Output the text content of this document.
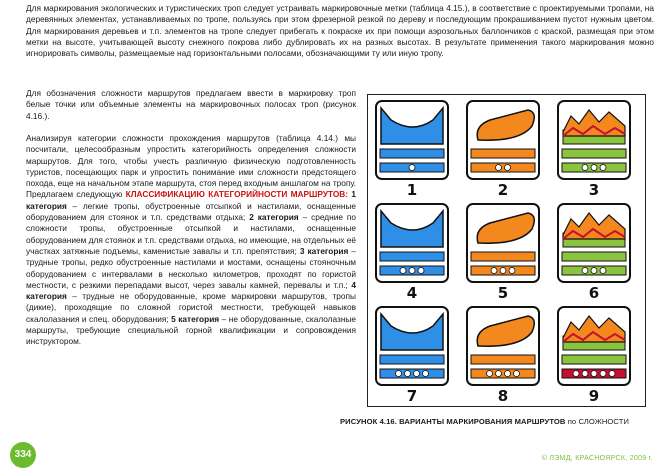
Для маркирования экологических и туристических троп следует устраивать маркировочные метки (таблица 4.15.), в соответствие с проектируемыми тропами, на деревянных элементах, устанавливаемых по тропе, пользуясь при этом фрезерной резкой по дереву и последующим прокрашиванием пустот нужным цветом. Для маркирования деревьев и т.п. элементов на тропе следует прибегать к покраске их при помощи аэрозольных баллончиков с краской, размещая при этом метки на высоте, учитывающей высоту снежного покрова либо дублировать их на разных высотах. В результате применения такого маркирования можно игнорировать символы, размещаемые над горизонтальными полосами, обозначающими ту или иную тропу.
Для обозначения сложности маршрутов предлагаем ввести в маркировку троп белые точки или объемные элементы на маркировочных полосах троп (рисунок 4.16.).
Анализируя категории сложности прохождения маршрутов (таблица 4.14.) мы посчитали, целесообразным упростить категорийность определения сложности маршрутов. Для того, чтобы учесть различную физическую подготовленность туристов, посещающих парк и упростить понимание ими сложности предстоящего похода, еще на начальном этапе маршрута, стоя перед входным аншлагом на тропу. Предлагаем следующую КЛАССИФИКАЦИЮ КАТЕГОРИЙНОСТИ МАРШРУТОВ: 1 категория – легкие тропы, обустроенные отсыпкой и настилами, оснащенные оборудованием для стоянок и т.п. средствами отдыха; 2 категория – средние по сложности тропы, обустроенные отсыпкой и настилами, оснащенные оборудованием для стоянок и т.п. средствами отдыха, но имеющие, на отдельных её участках затяжные подъемы, каменистые завалы и т.п. препятствия; 3 категория – трудные тропы, редко обустроенные настилами и мостами, оснащены стояночным оборудованием с интервалами в несколько километров, проходят по гористой местности, с резкими перепадами высот, через завалы камней, перевалы и т.п.; 4 категория – трудные не оборудованные, кроме маркировки маршрутов, тропы (дикие), проходящие по сложной гористой местности, требующей навыков скалолазания и спец. оборудования; 5 категория – не оборудованные, скалолазные маршруты, требующие специальной горной квалификации и сопровождения инструктором.
1	2	3
4	5	6
7	8	9
РИСУНОК 4.16. ВАРИАНТЫ МАРКИРОВАНИЯ МАРШРУТОВ по СЛОЖНОСТИ
334	© ЛЭМД, КРАСНОЯРСК, 2009 г.
